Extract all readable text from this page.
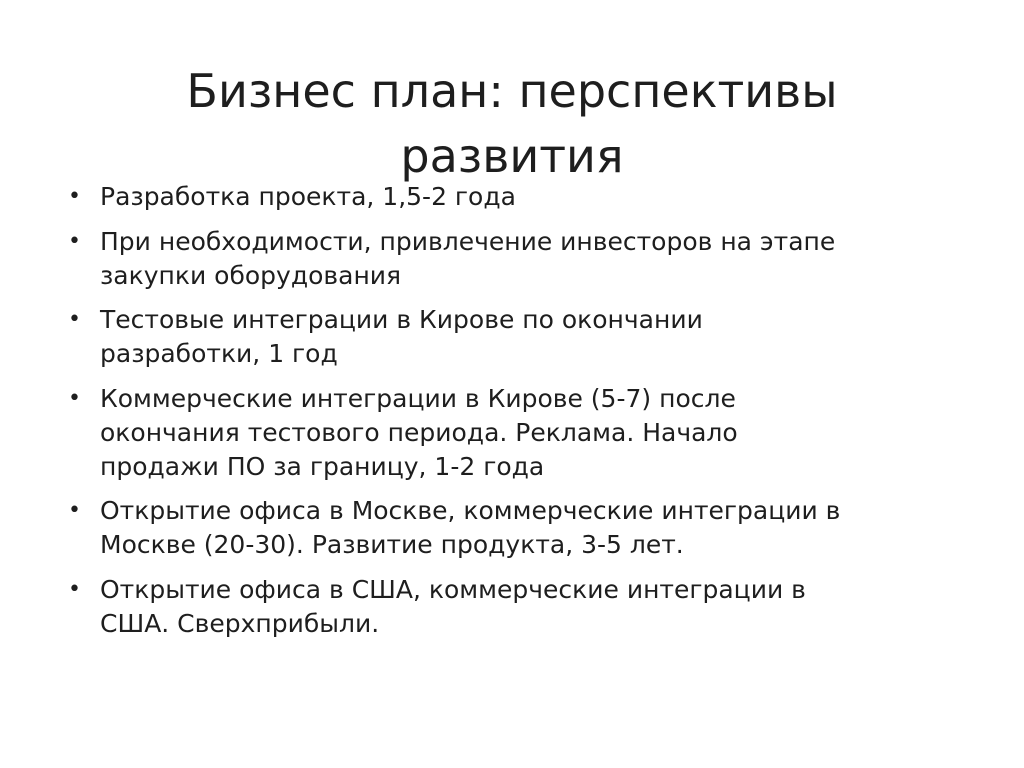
Бизнес план: перспективы
развития
• Разработка проекта, 1,5-2 года
• При необходимости, привлечение инвесторов на этапе
закупки оборудования
• Тестовые интеграции в Кирове по окончании
разработки, 1 год
• Коммерческие интеграции в Кирове (5-7) после
окончания тестового периода. Реклама. Начало
продажи ПО за границу, 1-2 года
• Открытие офиса в Москве, коммерческие интеграции в
Москве (20-30). Развитие продукта, 3-5 лет.
• Открытие офиса в США, коммерческие интеграции в
США. Сверхприбыли.
